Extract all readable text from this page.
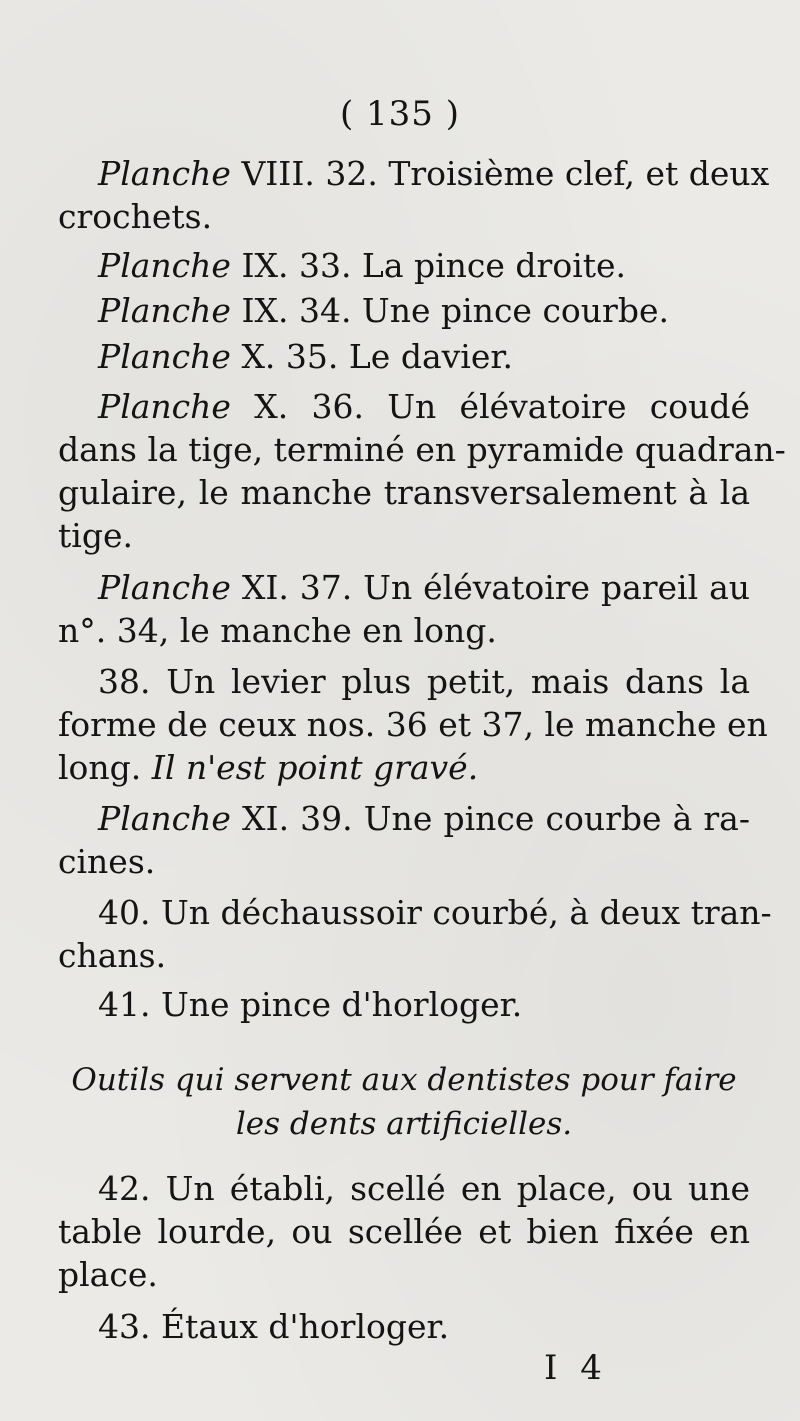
( 135 )
Planche VIII. 32. Troisième clef, et deux
crochets.
Planche IX. 33. La pince droite.
Planche IX. 34. Une pince courbe.
Planche X. 35. Le davier.
Planche X. 36. Un élévatoire coudé
dans la tige, terminé en pyramide quadran-
gulaire, le manche transversalement à la
tige.
Planche XI. 37. Un élévatoire pareil au
n°. 34, le manche en long.
38. Un levier plus petit, mais dans la
forme de ceux nos. 36 et 37, le manche en
long. Il n'est point gravé.
Planche XI. 39. Une pince courbe à ra-
cines.
40. Un déchaussoir courbé, à deux tran-
chans.
41. Une pince d'horloger.
Outils qui servent aux dentistes pour faire
les dents artificielles.
42. Un établi, scellé en place, ou une
table lourde, ou scellée et bien fixée en
place.
43. Étaux d'horloger.
I 4
